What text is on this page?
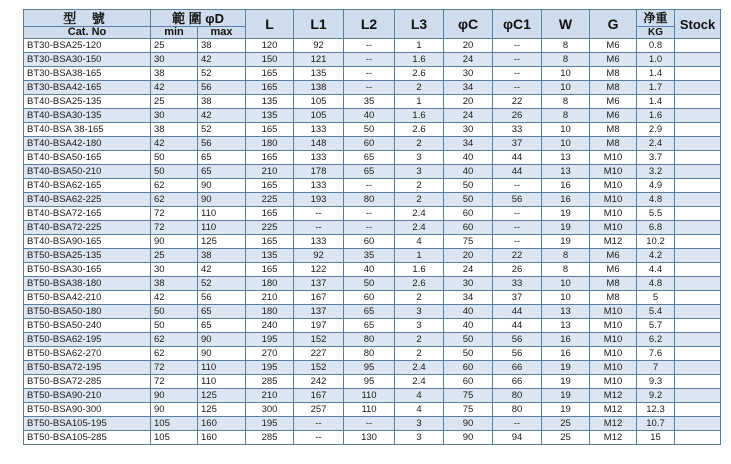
型 號	範 圍 φD		L	L1	L2	L3	φC	φC1	W	G	净重	Stock
Cat. No	min	max									KG	
BT30-BSA25-120	25	38	120	92	--	1	20	--	8	M6	0.8	
BT30-BSA30-150	30	42	150	121	--	1.6	24	--	8	M6	1.0	
BT30-BSA38-165	38	52	165	135	--	2.6	30	--	10	M8	1.4	
BT30-BSA42-165	42	56	165	138	--	2	34	--	10	M8	1.7	
BT40-BSA25-135	25	38	135	105	35	1	20	22	8	M6	1.4	
BT40-BSA30-135	30	42	135	105	40	1.6	24	26	8	M6	1.6	
BT40-BSA 38-165	38	52	165	133	50	2.6	30	33	10	M8	2.9	
BT40-BSA42-180	42	56	180	148	60	2	34	37	10	M8	2.4	
BT40-BSA50-165	50	65	165	133	65	3	40	44	13	M10	3.7	
BT40-BSA50-210	50	65	210	178	65	3	40	44	13	M10	3.2	
BT40-BSA62-165	62	90	165	133	--	2	50	--	16	M10	4.9	
BT40-BSA62-225	62	90	225	193	80	2	50	56	16	M10	4.8	
BT40-BSA72-165	72	110	165	--	--	2.4	60	--	19	M10	5.5	
BT40-BSA72-225	72	110	225	--	--	2.4	60	--	19	M10	6.8	
BT40-BSA90-165	90	125	165	133	60	4	75	--	19	M12	10.2	
BT50-BSA25-135	25	38	135	92	35	1	20	22	8	M6	4.2	
BT50-BSA30-165	30	42	165	122	40	1.6	24	26	8	M6	4.4	
BT50-BSA38-180	38	52	180	137	50	2.6	30	33	10	M8	4.8	
BT50-BSA42-210	42	56	210	167	60	2	34	37	10	M8	5	
BT50-BSA50-180	50	65	180	137	65	3	40	44	13	M10	5.4	
BT50-BSA50-240	50	65	240	197	65	3	40	44	13	M10	5.7	
BT50-BSA62-195	62	90	195	152	80	2	50	56	16	M10	6.2	
BT50-BSA62-270	62	90	270	227	80	2	50	56	16	M10	7.6	
BT50-BSA72-195	72	110	195	152	95	2.4	60	66	19	M10	7	
BT50-BSA72-285	72	110	285	242	95	2.4	60	66	19	M10	9.3	
BT50-BSA90-210	90	125	210	167	110	4	75	80	19	M12	9.2	
BT50-BSA90-300	90	125	300	257	110	4	75	80	19	M12	12.3	
BT50-BSA105-195	105	160	195	--	--	3	90	--	25	M12	10.7	
BT50-BSA105-285	105	160	285	--	130	3	90	94	25	M12	15	
